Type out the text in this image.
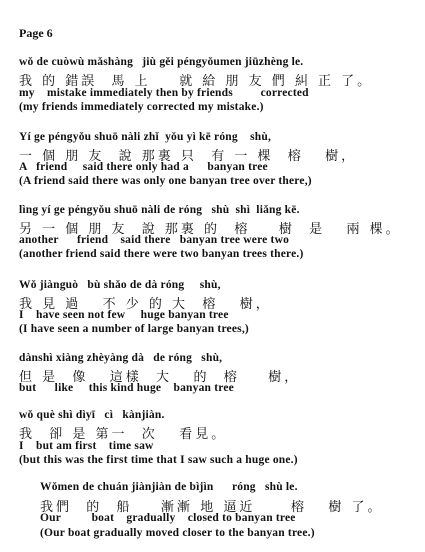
Page 6
wǒ de cuòwù mǎshàng   jiù gěi péngyǒumen jiūzhèng le.
我 的 錯誤  馬 上    就 給 朋 友 們 糾 正 了。
my    mistake immediately then by friends         corrected
(my friends immediately corrected my mistake.)
Yí ge péngyǒu shuō nàli zhǐ  yǒu yì kē róng    shù,
一 個 朋 友  說 那裏 只  有 一 棵  榕   樹，
A   friend     said there only had a      banyan tree
(A friend said there was only one banyan tree over there,)
lìng yí ge péngyǒu shuō nàli de róng   shù  shì  liǎng kē.
另 一 個 朋 友  說 那裏 的  榕    樹  是   兩 棵。
another      friend    said there   banyan tree were two
(another friend said there were two banyan trees there.)
Wǒ jiànguò   bù shǎo de dà róng     shù,
我 見 過   不 少 的 大  榕   樹，
I    have seen not few     huge banyan tree
(I have seen a number of large banyan trees,)
dànshì xiàng zhèyàng dà   de róng   shù,
但 是  像   這樣  大   的  榕    樹，
but      like     this kind huge    banyan tree
wǒ què shì dìyī   cì   kànjiàn.
我  卻 是 第一  次   看見。
I    but am first    time saw
(but this was the first time that I saw such a huge one.)
Wǒmen de chuán jiànjiàn de bìjìn      róng   shù le.
我們  的  船    漸漸 地 逼近     榕   樹 了。
Our          boat    gradually    closed to banyan tree
(Our boat gradually moved closer to the banyan tree.)
